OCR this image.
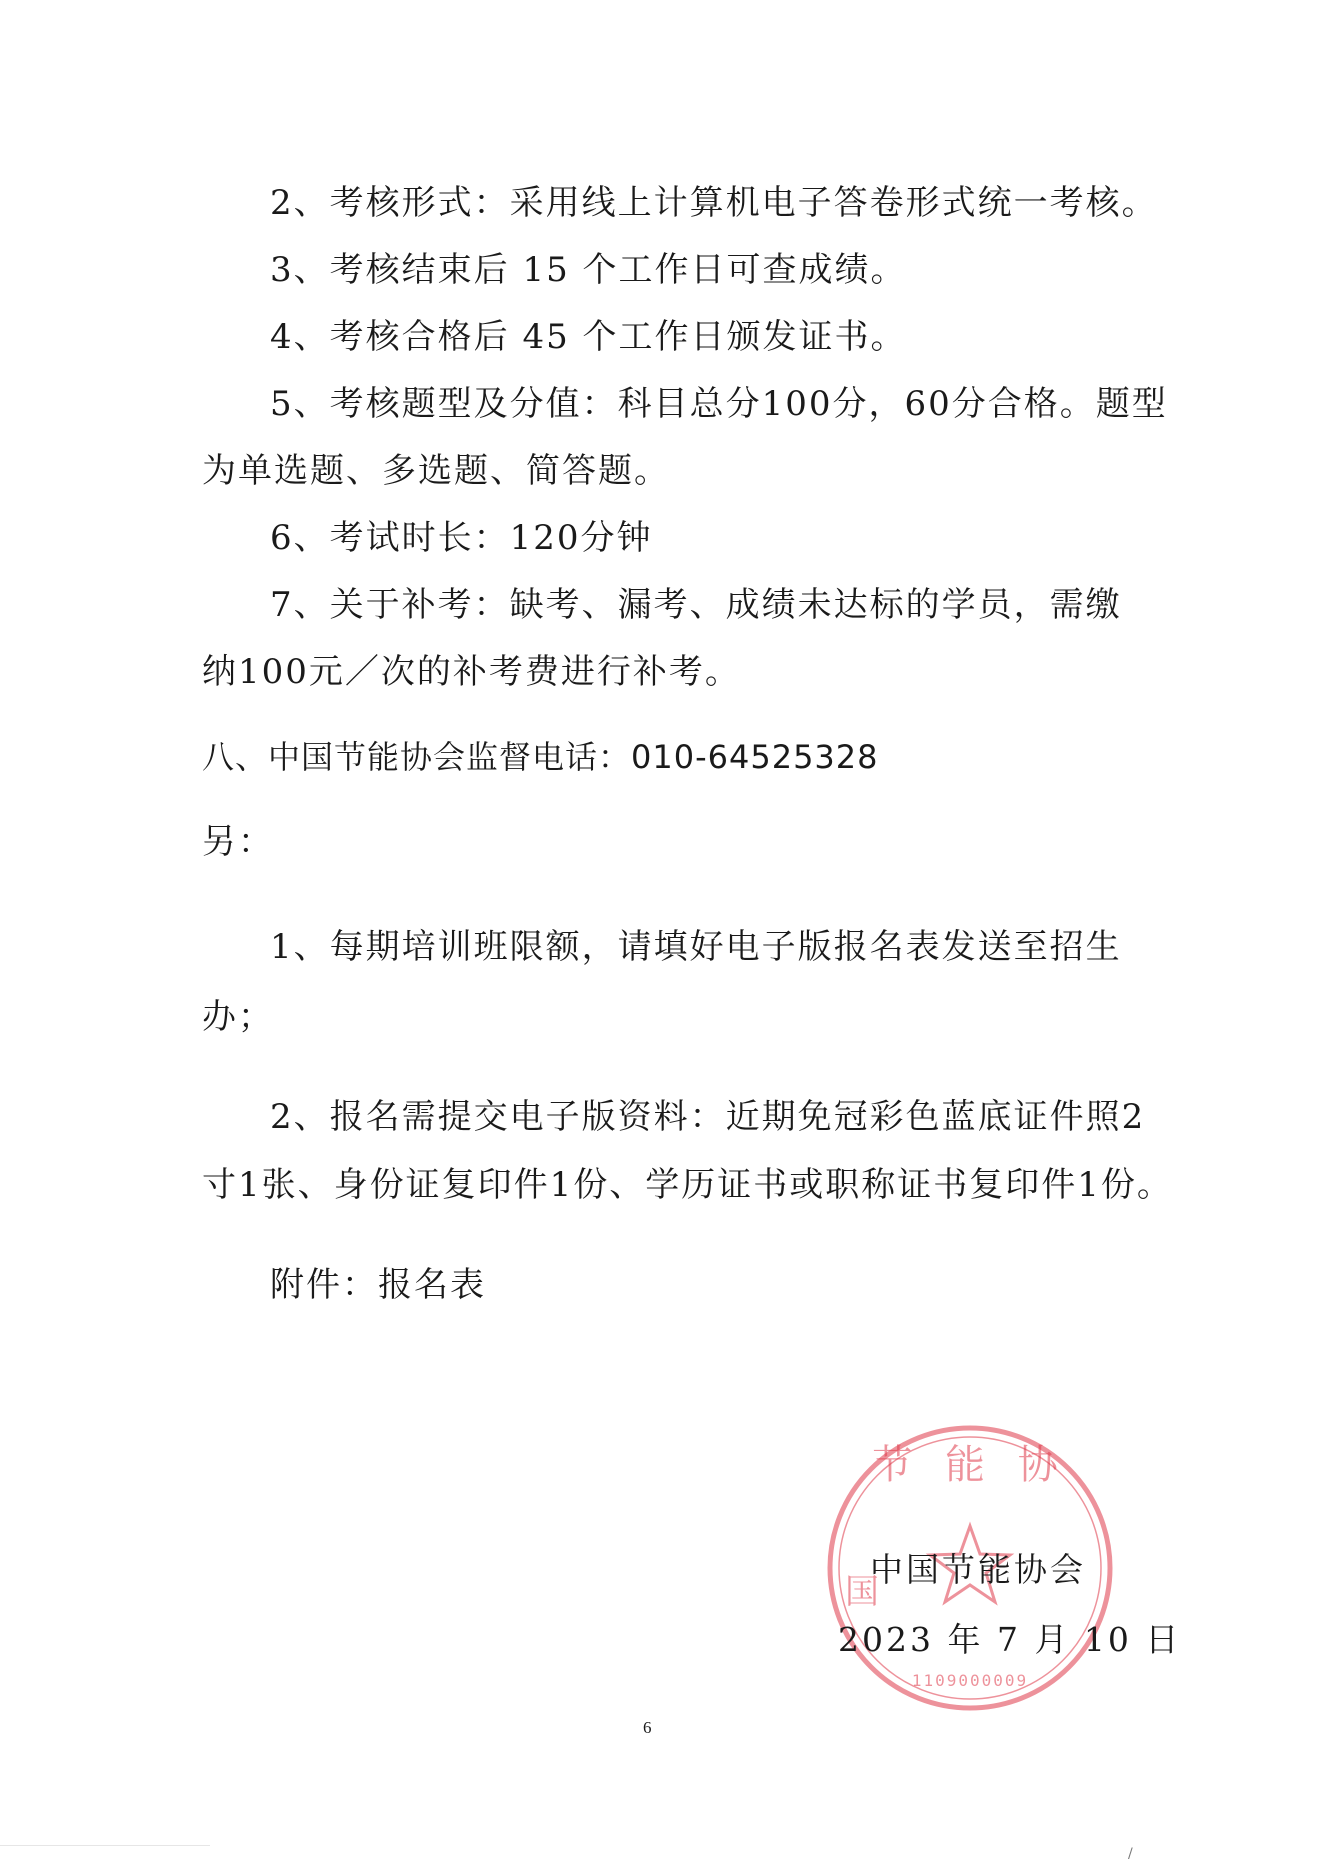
2、考核形式：采用线上计算机电子答卷形式统一考核。
3、考核结束后 15 个工作日可查成绩。
4、考核合格后 45 个工作日颁发证书。
5、考核题型及分值：科目总分100分，60分合格。题型
为单选题、多选题、简答题。
6、考试时长：120分钟
7、关于补考：缺考、漏考、成绩未达标的学员，需缴
纳100元／次的补考费进行补考。
八、中国节能协会监督电话：010-64525328
另：
1、每期培训班限额，请填好电子版报名表发送至招生
办；
2、报名需提交电子版资料：近期免冠彩色蓝底证件照2
寸1张、身份证复印件1份、学历证书或职称证书复印件1份。
附件：报名表
节 能 协
国
1109000009
中国节能协会
2023 年 7 月 10 日
6
/
